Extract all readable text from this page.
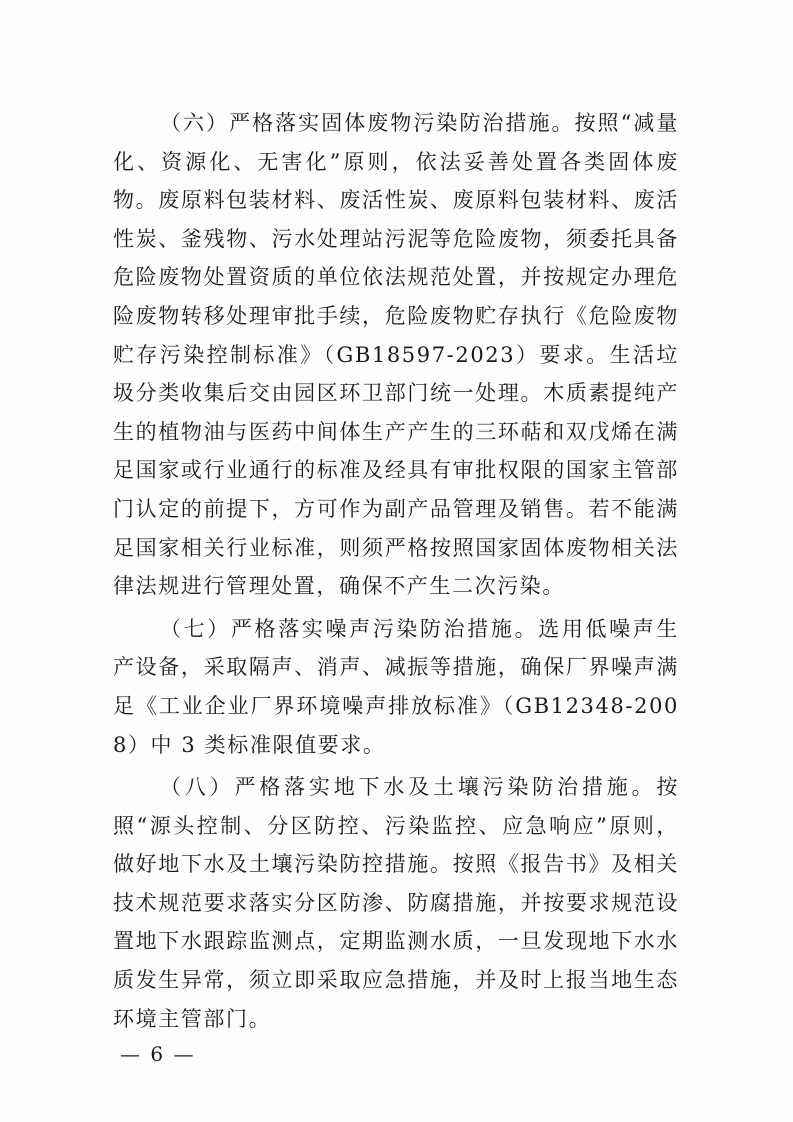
（六）严格落实固体废物污染防治措施。按照“减量化、资源化、无害化”原则，依法妥善处置各类固体废物。废原料包装材料、废活性炭、废原料包装材料、废活性炭、釜残物、污水处理站污泥等危险废物，须委托具备危险废物处置资质的单位依法规范处置，并按规定办理危险废物转移处理审批手续，危险废物贮存执行《危险废物贮存污染控制标准》（GB18597-2023）要求。生活垃圾分类收集后交由园区环卫部门统一处理。木质素提纯产生的植物油与医药中间体生产产生的三环萜和双戊烯在满足国家或行业通行的标准及经具有审批权限的国家主管部门认定的前提下，方可作为副产品管理及销售。若不能满足国家相关行业标准，则须严格按照国家固体废物相关法律法规进行管理处置，确保不产生二次污染。

（七）严格落实噪声污染防治措施。选用低噪声生产设备，采取隔声、消声、减振等措施，确保厂界噪声满足《工业企业厂界环境噪声排放标准》（GB12348-2008）中 3 类标准限值要求。

（八）严格落实地下水及土壤污染防治措施。按照“源头控制、分区防控、污染监控、应急响应”原则，做好地下水及土壤污染防控措施。按照《报告书》及相关技术规范要求落实分区防渗、防腐措施，并按要求规范设置地下水跟踪监测点，定期监测水质，一旦发现地下水水质发生异常，须立即采取应急措施，并及时上报当地生态环境主管部门。

— 6 —
